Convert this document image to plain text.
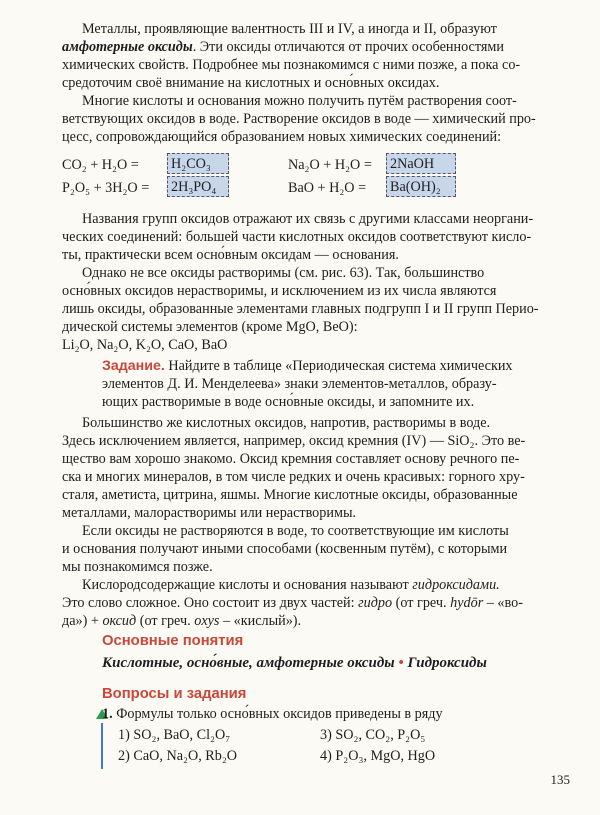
Металлы, проявляющие валентность III и IV, а иногда и II, образуют
амфотерные оксиды. Эти оксиды отличаются от прочих особенностями
химических свойств. Подробнее мы познакомимся с ними позже, а пока со-
средоточим своё внимание на кислотных и осно́вных оксидах.
Многие кислоты и основания можно получить путём растворения соот-
ветствующих оксидов в воде. Растворение оксидов в воде — химический про-
цесс, сопровождающийся образованием новых химических соединений:
CO₂ + H₂O = H₂CO₃
P₂O₅ + 3H₂O = 2H₃PO₄
Na₂O + H₂O = 2NaOH
BaO + H₂O = Ba(OH)₂
Названия групп оксидов отражают их связь с другими классами неоргани-
ческих соединений: большей части кислотных оксидов соответствуют кисло-
ты, практически всем осно́вным оксидам — основания.
Однако не все оксиды растворимы (см. рис. 63). Так, большинство
осно́вных оксидов нерастворимы, и исключением из их числа являются
лишь оксиды, образованные элементами главных подгрупп I и II групп Перио-
дической системы элементов (кроме MgO, BeO):
Li₂O, Na₂O, K₂O, CaO, BaO
Задание. Найдите в таблице «Периодическая система химических
элементов Д. И. Менделеева» знаки элементов-металлов, образу-
ющих растворимые в воде осно́вные оксиды, и запомните их.
Большинство же кислотных оксидов, напротив, растворимы в воде.
Здесь исключением является, например, оксид кремния (IV) — SiO₂. Это ве-
щество вам хорошо знакомо. Оксид кремния составляет основу речного пе-
ска и многих минералов, в том числе редких и очень красивых: горного хру-
сталя, аметиста, цитрина, яшмы. Многие кислотные оксиды, образованные
металлами, малорастворимы или нерастворимы.
Если оксиды не растворяются в воде, то соответствующие им кислоты
и основания получают иными способами (косвенным путём), с которыми
мы познакомимся позже.
Кислородсодержащие кислоты и основания называют гидроксидами.
Это слово сложное. Оно состоит из двух частей: гидро (от греч. hydōr – «во-
да») + оксид (от греч. oxys – «кислый»).
Основные понятия
Кислотные, осно́вные, амфотерные оксиды • Гидроксиды
Вопросы и задания
1. Формулы только осно́вных оксидов приведены в ряду
1) SO₂, BaO, Cl₂O₇
2) CaO, Na₂O, Rb₂O
3) SO₂, CO₂, P₂O₅
4) P₂O₃, MgO, HgO
135
